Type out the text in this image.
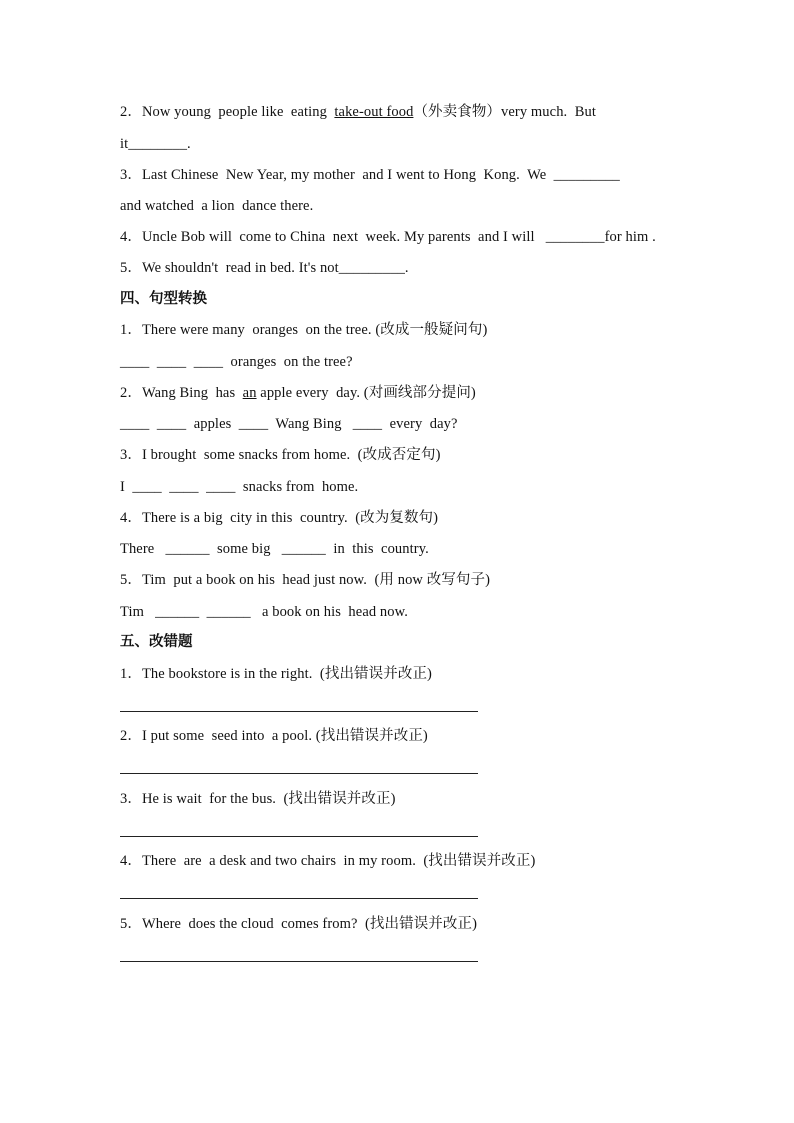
2．Now young  people like  eating  take-out food（外卖食物）very much.  But
it________.
3．Last Chinese  New Year, my mother  and I went to Hong  Kong.  We  _________
and watched  a lion  dance there.
4．Uncle Bob will  come to China  next  week. My parents  and I will   ________for him .
5．We shouldn't  read in bed. It's not_________.
四、句型转换
1．There were many  oranges  on the tree. (改成一般疑问句)
____  ____  ____  oranges  on the tree?
2．Wang Bing  has  an apple every  day. (对画线部分提问)
____  ____  apples  ____  Wang Bing   ____  every  day?
3．I brought  some snacks from home.  (改成否定句)
I  ____  ____  ____  snacks from  home.
4．There is a big  city in this  country.  (改为复数句)
There   ______  some big   ______  in  this  country.
5．Tim  put a book on his  head just now.  (用 now 改写句子)
Tim   ______  ______   a book on his  head now.
五、改错题
1．The bookstore is in the right.  (找出错误并改正)
2．I put some  seed into  a pool. (找出错误并改正)
3．He is wait  for the bus.  (找出错误并改正)
4．There  are  a desk and two chairs  in my room.  (找出错误并改正)
5．Where  does the cloud  comes from?  (找出错误并改正)
